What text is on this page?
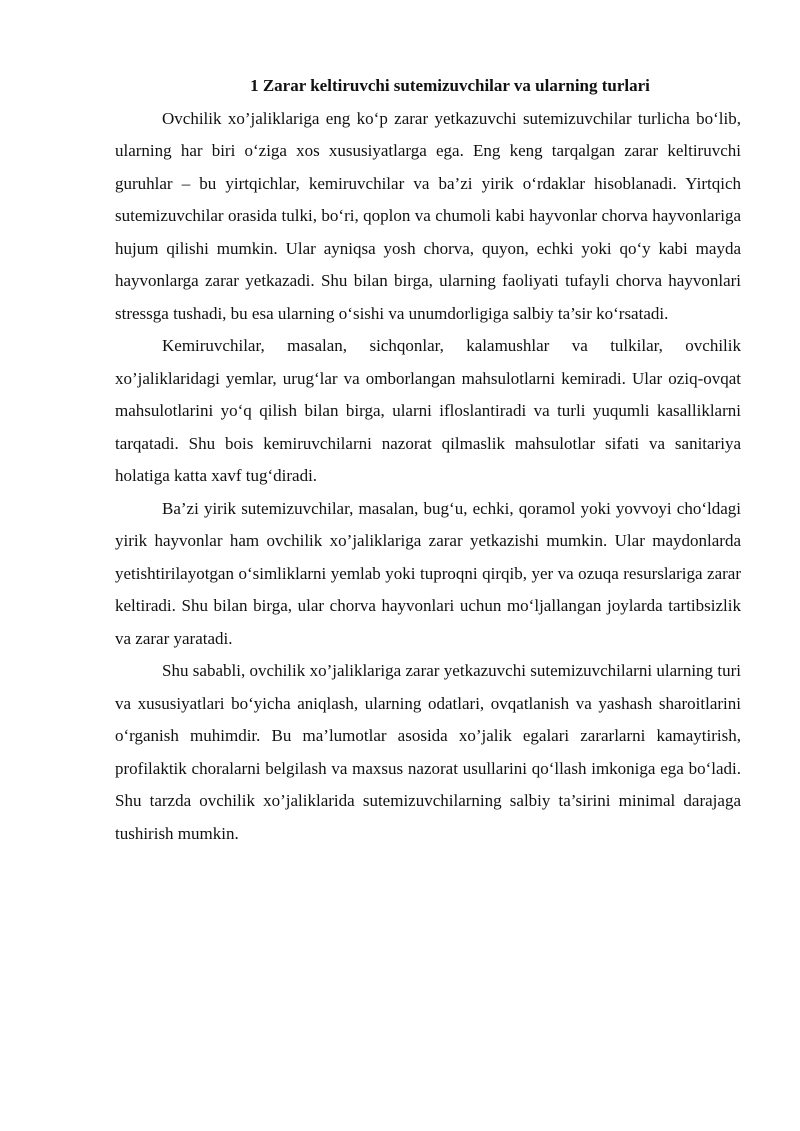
1 Zarar keltiruvchi sutemizuvchilar va ularning turlari

Ovchilik xo’jaliklariga eng ko‘p zarar yetkazuvchi sutemizuvchilar turlicha bo‘lib, ularning har biri o‘ziga xos xususiyatlarga ega. Eng keng tarqalgan zarar keltiruvchi guruhlar – bu yirtqichlar, kemiruvchilar va ba’zi yirik o‘rdaklar hisoblanadi. Yirtqich sutemizuvchilar orasida tulki, bo‘ri, qoplon va chumoli kabi hayvonlar chorva hayvonlariga hujum qilishi mumkin. Ular ayniqsa yosh chorva, quyon, echki yoki qo‘y kabi mayda hayvonlarga zarar yetkazadi. Shu bilan birga, ularning faoliyati tufayli chorva hayvonlari stressga tushadi, bu esa ularning o‘sishi va unumdorligiga salbiy ta’sir ko‘rsatadi.

Kemiruvchilar, masalan, sichqonlar, kalamushlar va tulkilar, ovchilik xo’jaliklaridagi yemlar, urug‘lar va omborlangan mahsulotlarni kemiradi. Ular oziq-ovqat mahsulotlarini yo‘q qilish bilan birga, ularni ifloslantiradi va turli yuqumli kasalliklarni tarqatadi. Shu bois kemiruvchilarni nazorat qilmaslik mahsulotlar sifati va sanitariya holatiga katta xavf tug‘diradi.

Ba’zi yirik sutemizuvchilar, masalan, bug‘u, echki, qoramol yoki yovvoyi cho‘ldagi yirik hayvonlar ham ovchilik xo’jaliklariga zarar yetkazishi mumkin. Ular maydonlarda yetishtirilayotgan o‘simliklarni yemlab yoki tuproqni qirqib, yer va ozuqa resurslariga zarar keltiradi. Shu bilan birga, ular chorva hayvonlari uchun mo‘ljallangan joylarda tartibsizlik va zarar yaratadi.

Shu sababli, ovchilik xo’jaliklariga zarar yetkazuvchi sutemizuvchilarni ularning turi va xususiyatlari bo‘yicha aniqlash, ularning odatlari, ovqatlanish va yashash sharoitlarini o‘rganish muhimdir. Bu ma’lumotlar asosida xo’jalik egalari zararlarni kamaytirish, profilaktik choralarni belgilash va maxsus nazorat usullarini qo‘llash imkoniga ega bo‘ladi. Shu tarzda ovchilik xo’jaliklarida sutemizuvchilarning salbiy ta’sirini minimal darajaga tushirish mumkin.
